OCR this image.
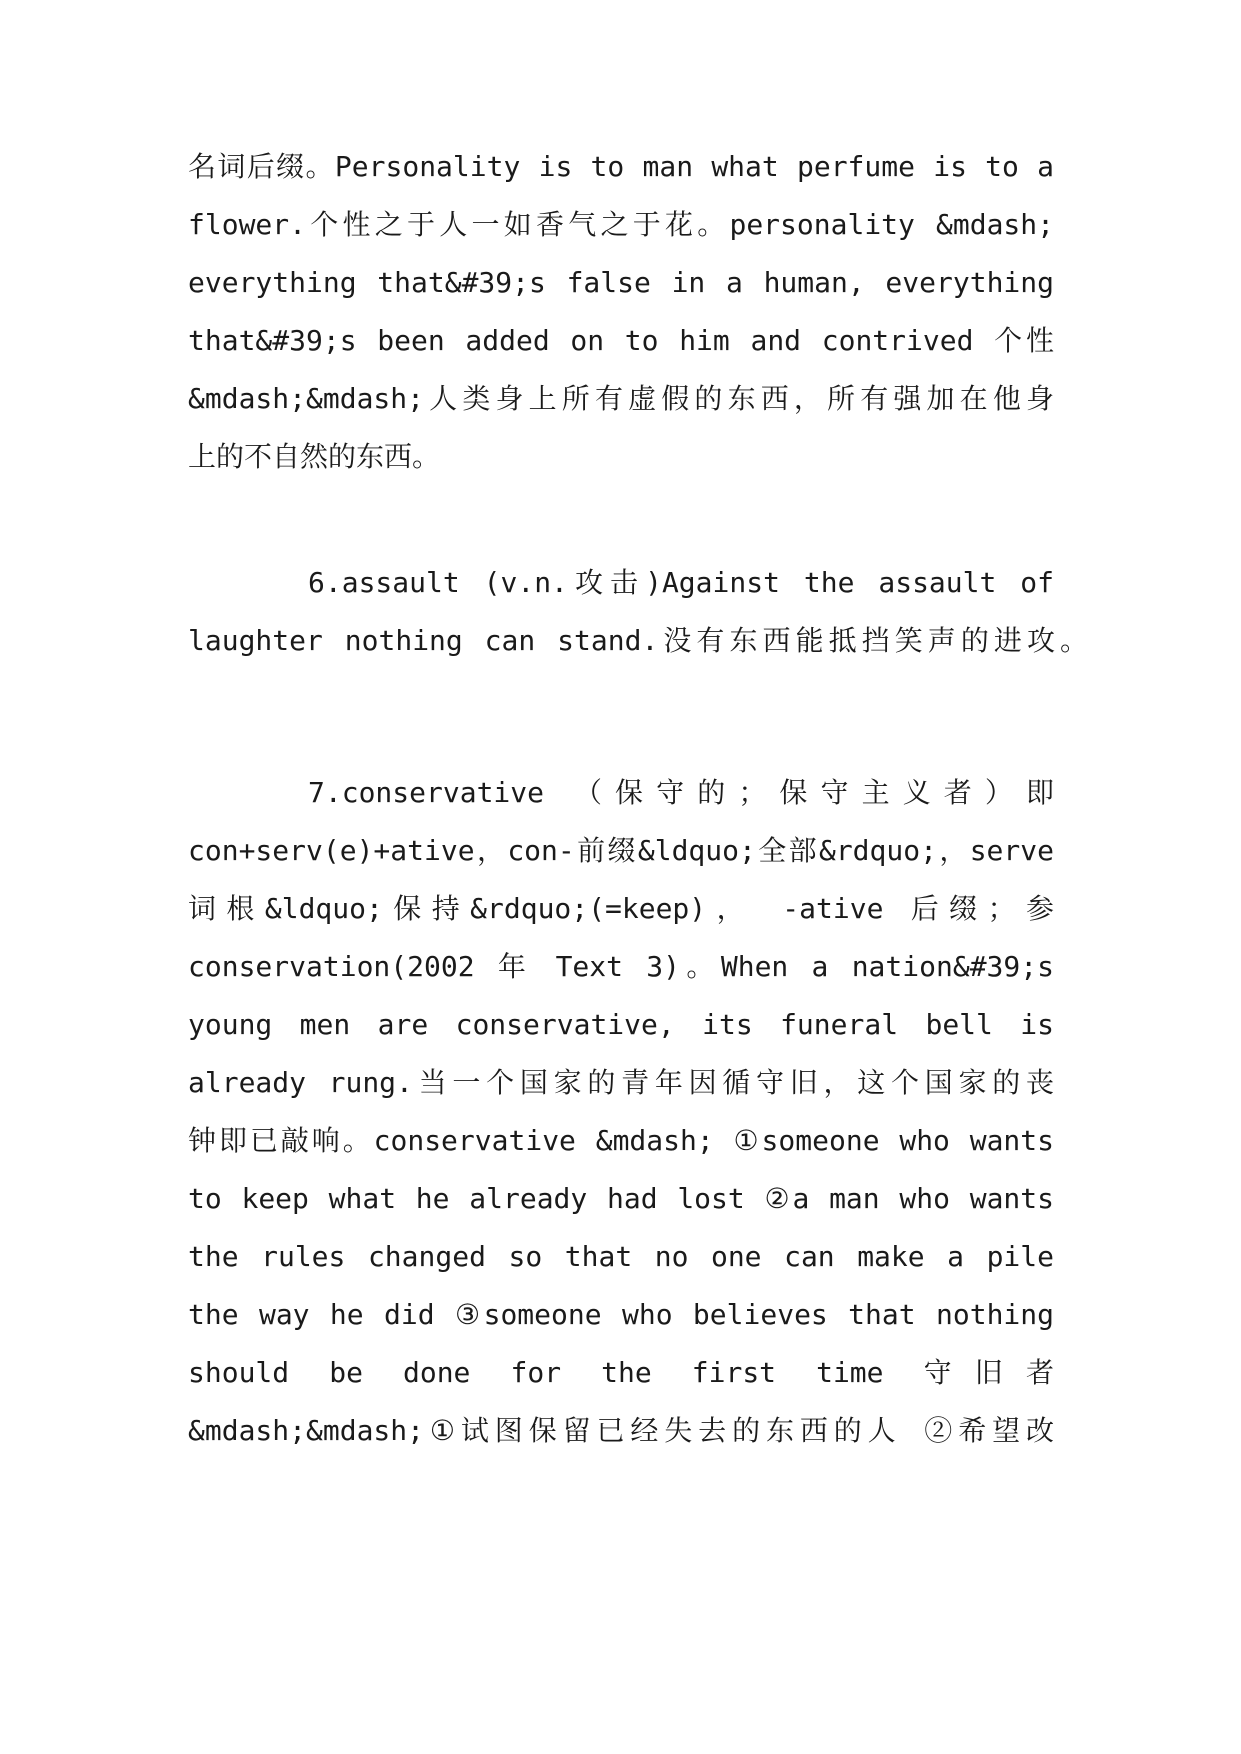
名词后缀。Personality is to man what perfume is to a
flower.个性之于人一如香气之于花。personality &mdash;
everything that&#39;s false in a human, everything
that&#39;s been added on to him and contrived 个性
&mdash;&mdash;人类身上所有虚假的东西，所有强加在他身
上的不自然的东西。
6.assault (v.n.攻击)Against the assault of
laughter nothing can stand.没有东西能抵挡笑声的进攻。
7.conservative （保守的；保守主义者）即
con+serv(e)+ative，con-前缀&ldquo;全部&rdquo;，serve
词根&ldquo;保持&rdquo;(=keep)， -ative 后缀；参
conservation(2002 年 Text 3)。When a nation&#39;s
young men are conservative, its funeral bell is
already rung.当一个国家的青年因循守旧，这个国家的丧
钟即已敲响。conservative &mdash; ①someone who wants
to keep what he already had lost ②a man who wants
the rules changed so that no one can make a pile
the way he did ③someone who believes that nothing
should be done for the first time 守旧者
&mdash;&mdash;①试图保留已经失去的东西的人 ②希望改
